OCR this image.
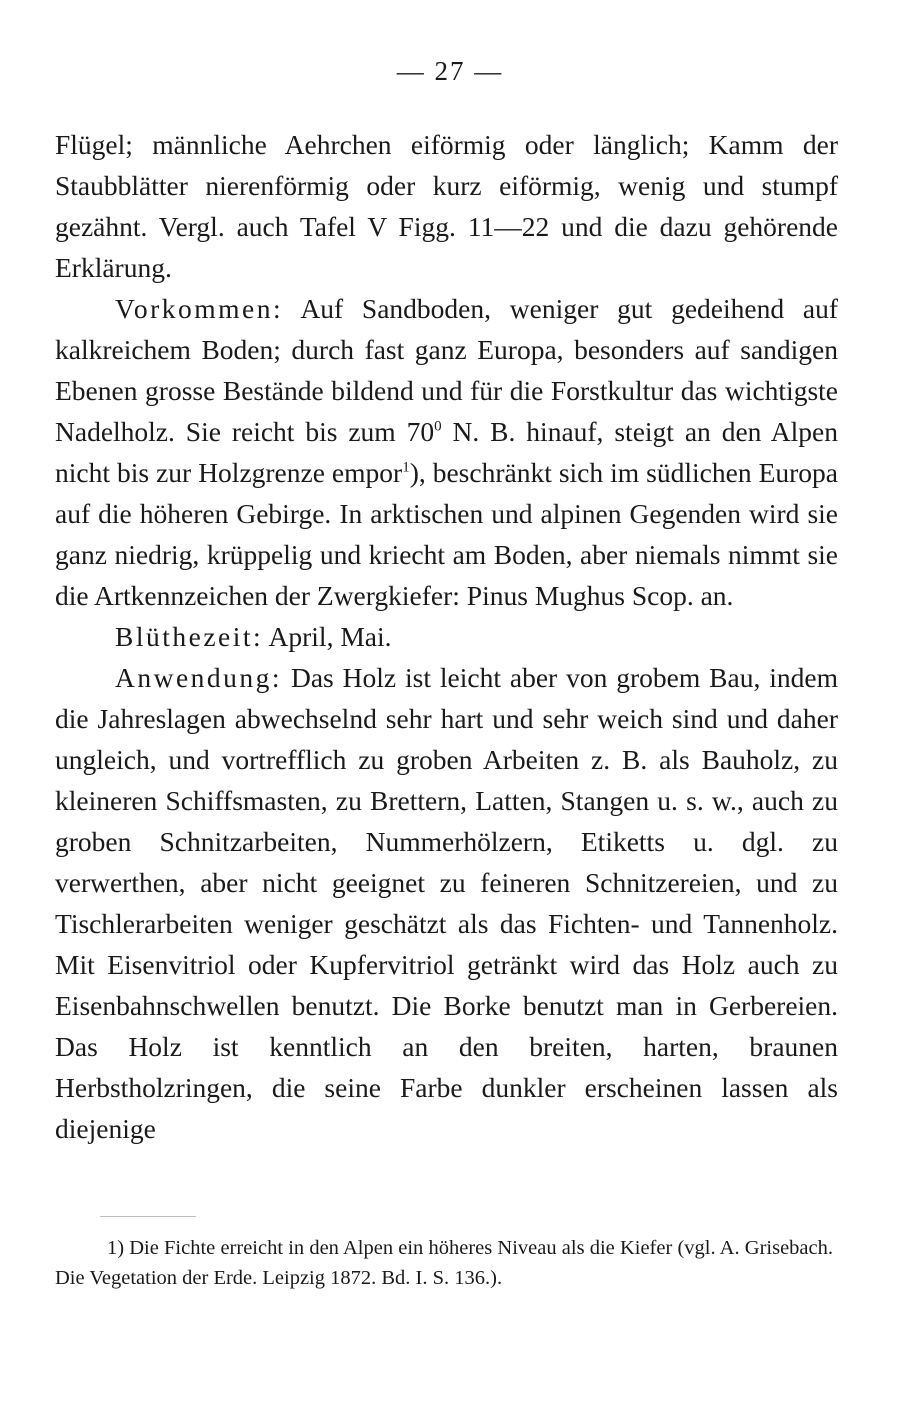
— 27 —

Flügel; männliche Aehrchen eiförmig oder länglich; Kamm der Staubblätter nierenförmig oder kurz eiförmig, wenig und stumpf gezähnt. Vergl. auch Tafel V Figg. 11—22 und die dazu gehörende Erklärung.

Vorkommen: Auf Sandboden, weniger gut gedeihend auf kalkreichem Boden; durch fast ganz Europa, besonders auf sandigen Ebenen grosse Bestände bildend und für die Forstkultur das wichtigste Nadelholz. Sie reicht bis zum $70^0$ N. B. hinauf, steigt an den Alpen nicht bis zur Holzgrenze empor$^1$), beschränkt sich im südlichen Europa auf die höheren Gebirge. In arktischen und alpinen Gegenden wird sie ganz niedrig, krüppelig und kriecht am Boden, aber niemals nimmt sie die Artkennzeichen der Zwergkiefer: Pinus Mughus Scop. an.

Blüthezeit: April, Mai.

Anwendung: Das Holz ist leicht aber von grobem Bau, indem die Jahreslagen abwechselnd sehr hart und sehr weich sind und daher ungleich, und vortrefflich zu groben Arbeiten z. B. als Bauholz, zu kleineren Schiffsmasten, zu Brettern, Latten, Stangen u. s. w., auch zu groben Schnitzarbeiten, Nummerhölzern, Etiketts u. dgl. zu verwerthen, aber nicht geeignet zu feineren Schnitzereien, und zu Tischlerarbeiten weniger geschätzt als das Fichten- und Tannenholz. Mit Eisenvitriol oder Kupfervitriol getränkt wird das Holz auch zu Eisenbahnschwellen benutzt. Die Borke benutzt man in Gerbereien. Das Holz ist kenntlich an den breiten, harten, braunen Herbstholzringen, die seine Farbe dunkler erscheinen lassen als diejenige

1) Die Fichte erreicht in den Alpen ein höheres Niveau als die Kiefer (vgl. A. Grisebach. Die Vegetation der Erde. Leipzig 1872. Bd. I. S. 136.).
